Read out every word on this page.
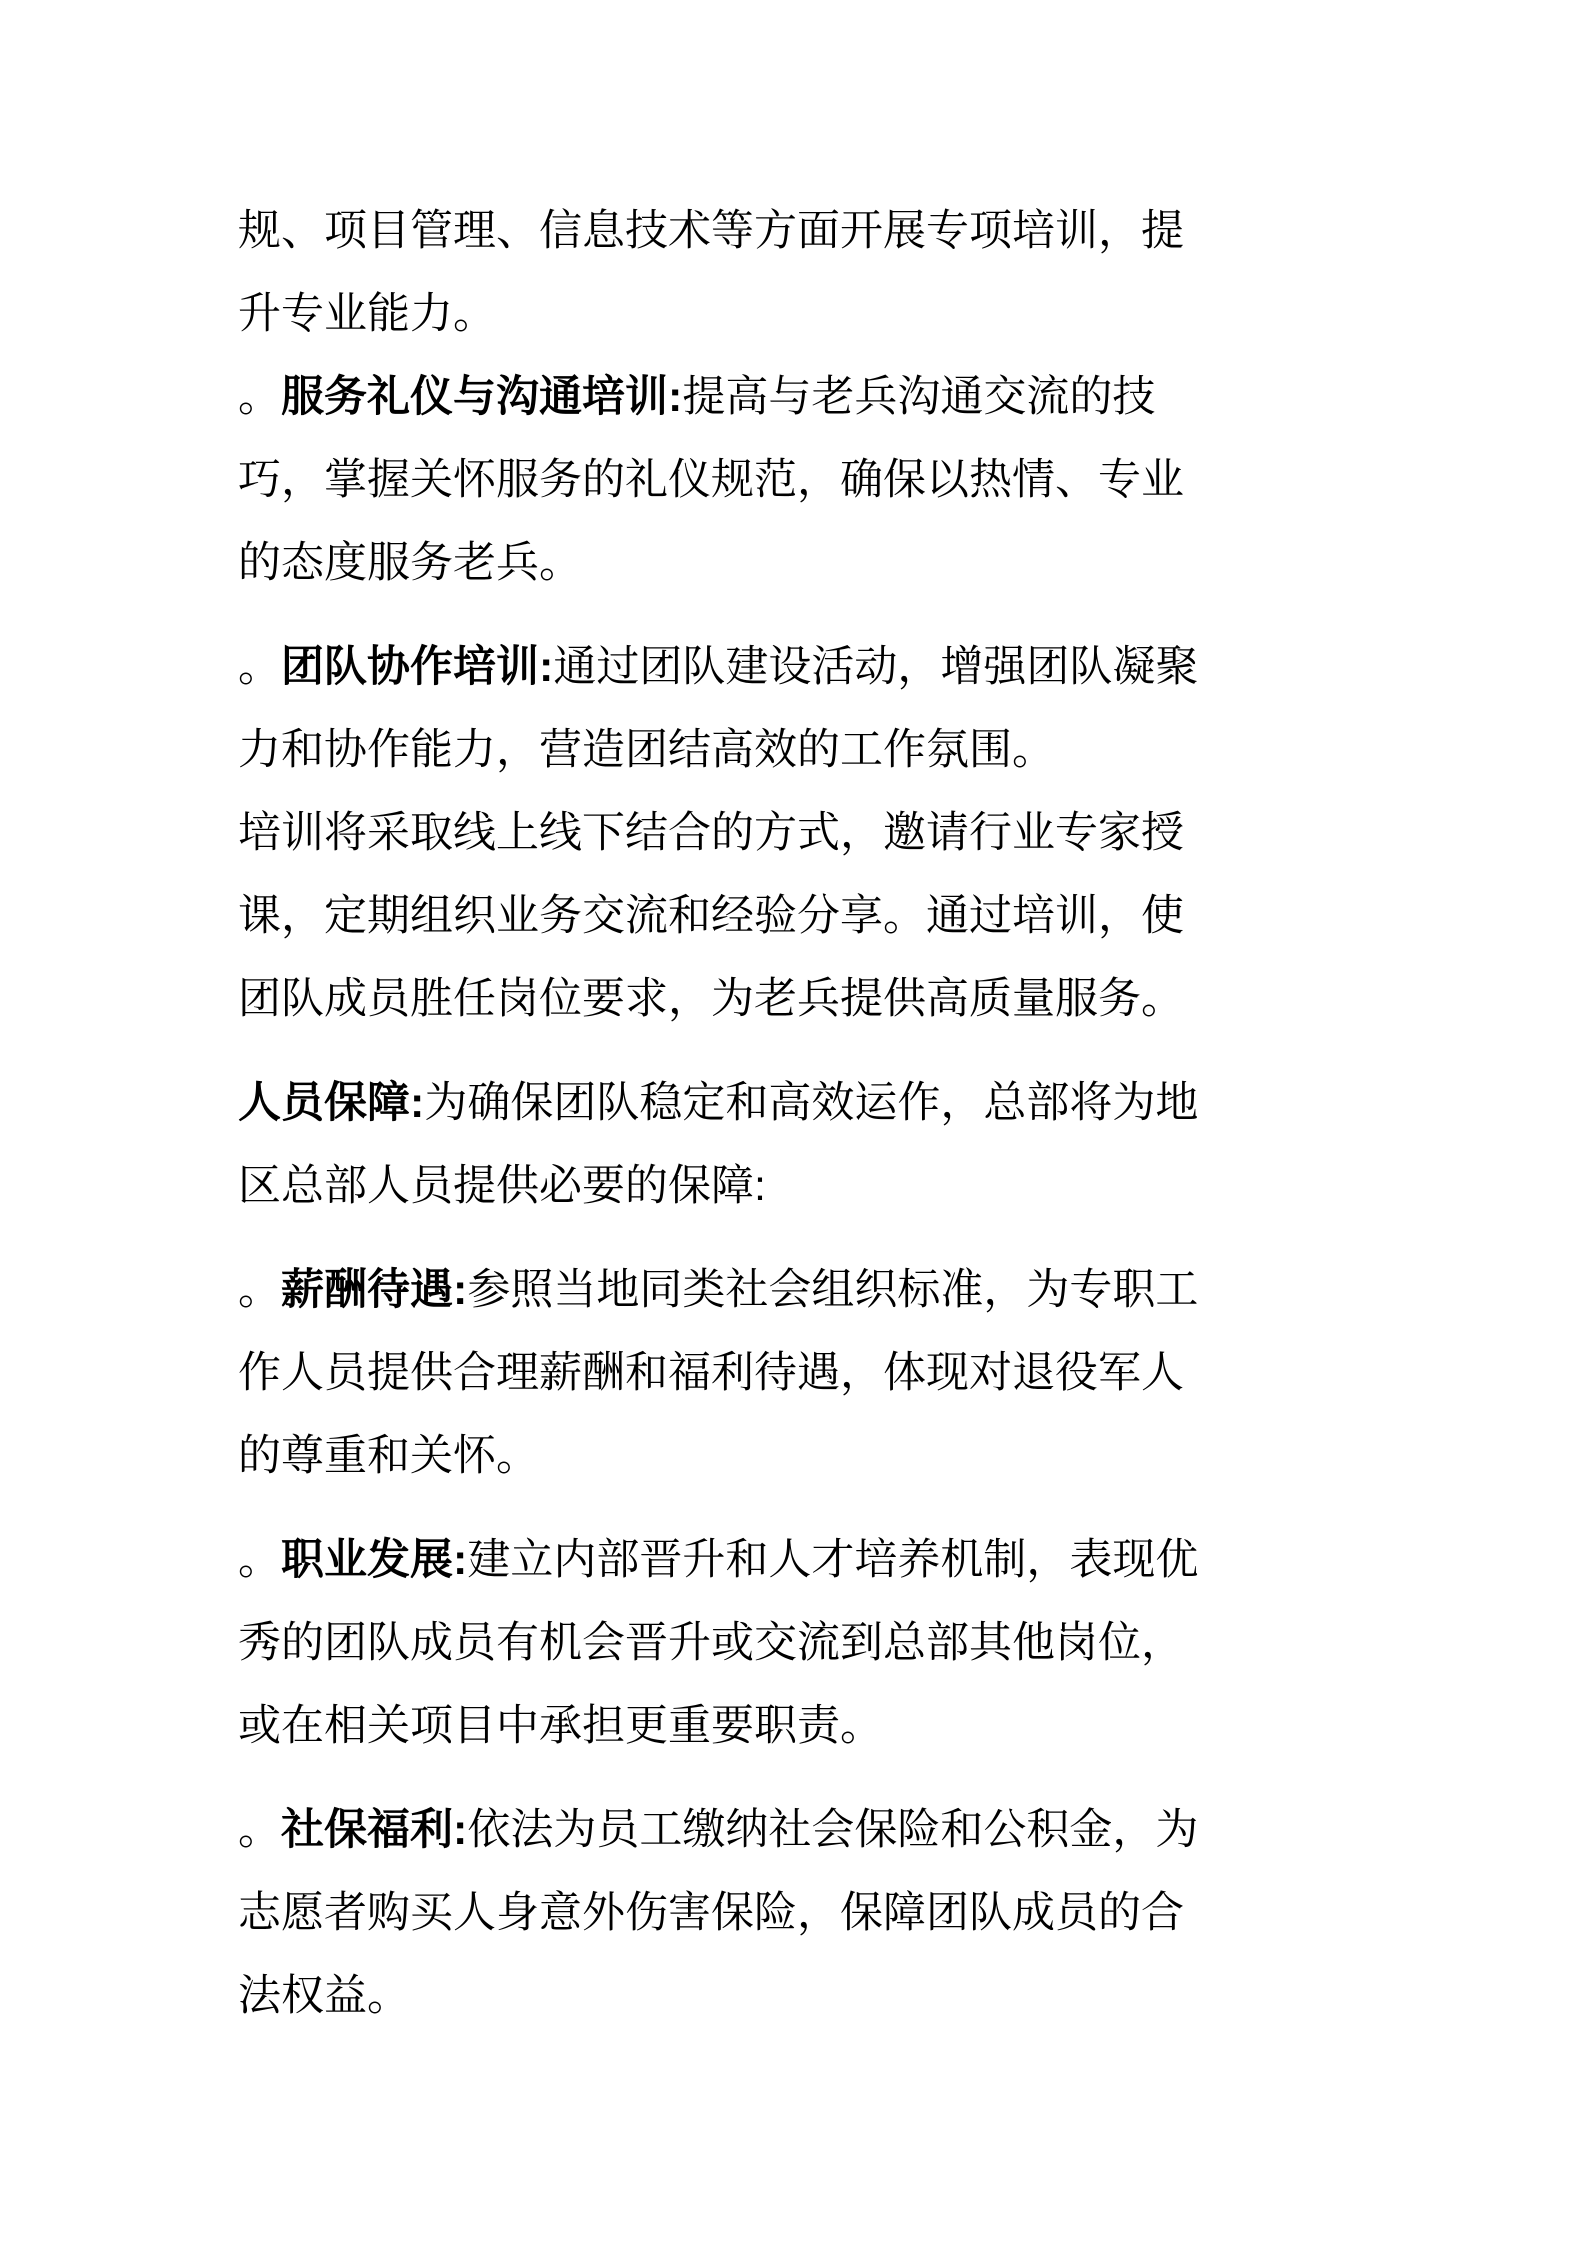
规、项目管理、信息技术等方面开展专项培训，提升专业能力。

。服务礼仪与沟通培训:提高与老兵沟通交流的技巧，掌握关怀服务的礼仪规范，确保以热情、专业的态度服务老兵。

。团队协作培训:通过团队建设活动，增强团队凝聚力和协作能力，营造团结高效的工作氛围。

培训将采取线上线下结合的方式，邀请行业专家授课，定期组织业务交流和经验分享。通过培训，使团队成员胜任岗位要求，为老兵提供高质量服务。

人员保障:为确保团队稳定和高效运作，总部将为地区总部人员提供必要的保障:

。薪酬待遇:参照当地同类社会组织标准，为专职工作人员提供合理薪酬和福利待遇，体现对退役军人的尊重和关怀。

。职业发展:建立内部晋升和人才培养机制，表现优秀的团队成员有机会晋升或交流到总部其他岗位，或在相关项目中承担更重要职责。

。社保福利:依法为员工缴纳社会保险和公积金，为志愿者购买人身意外伤害保险，保障团队成员的合法权益。
